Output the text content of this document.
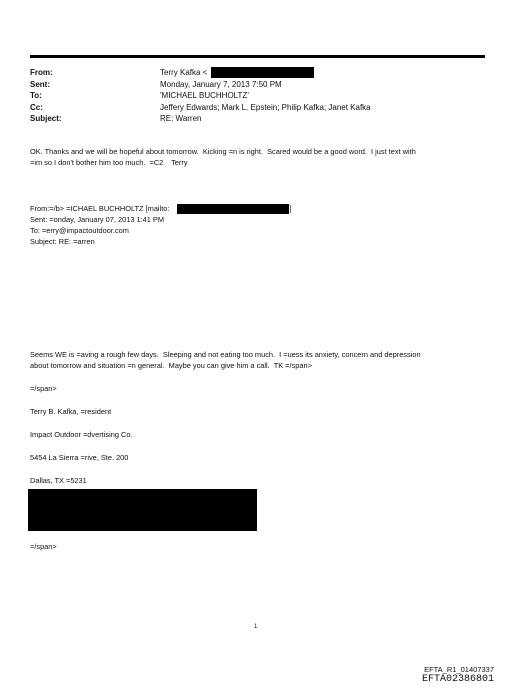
From:	Terry Kafka <
Sent:	Monday, January 7, 2013 7:50 PM
To:	'MICHAEL BUCHHOLTZ'
Cc:	Jeffery Edwards; Mark L. Epstein; Philip Kafka; Janet Kafka
Subject:	RE: Warren
OK. Thanks and we will be hopeful about tomorrow.  Kicking =n is right.  Scared would be a good word.  I just text with
=im so I don't bother him too much.  =C2 Terry
From:=/b> =ICHAEL BUCHHOLTZ [mailto:	]
Sent: =onday, January 07, 2013 1:41 PM
To: =erry@impactoutdoor.com
Subject: RE: =arren
Seems WE is =aving a rough few days.  Sleeping and not eating too much.  I =uess its anxiety, concern and depression
about tomorrow and situation =n general.  Maybe you can give him a call.  TK =/span>
=/span>
Terry B. Kafka, =resident
Impact Outdoor =dvertising Co.
5454 La Sierra =rive, Ste. 200
Dallas, TX =5231
=/span>
1
EFTA_R1_01407337
EFTA02386801
